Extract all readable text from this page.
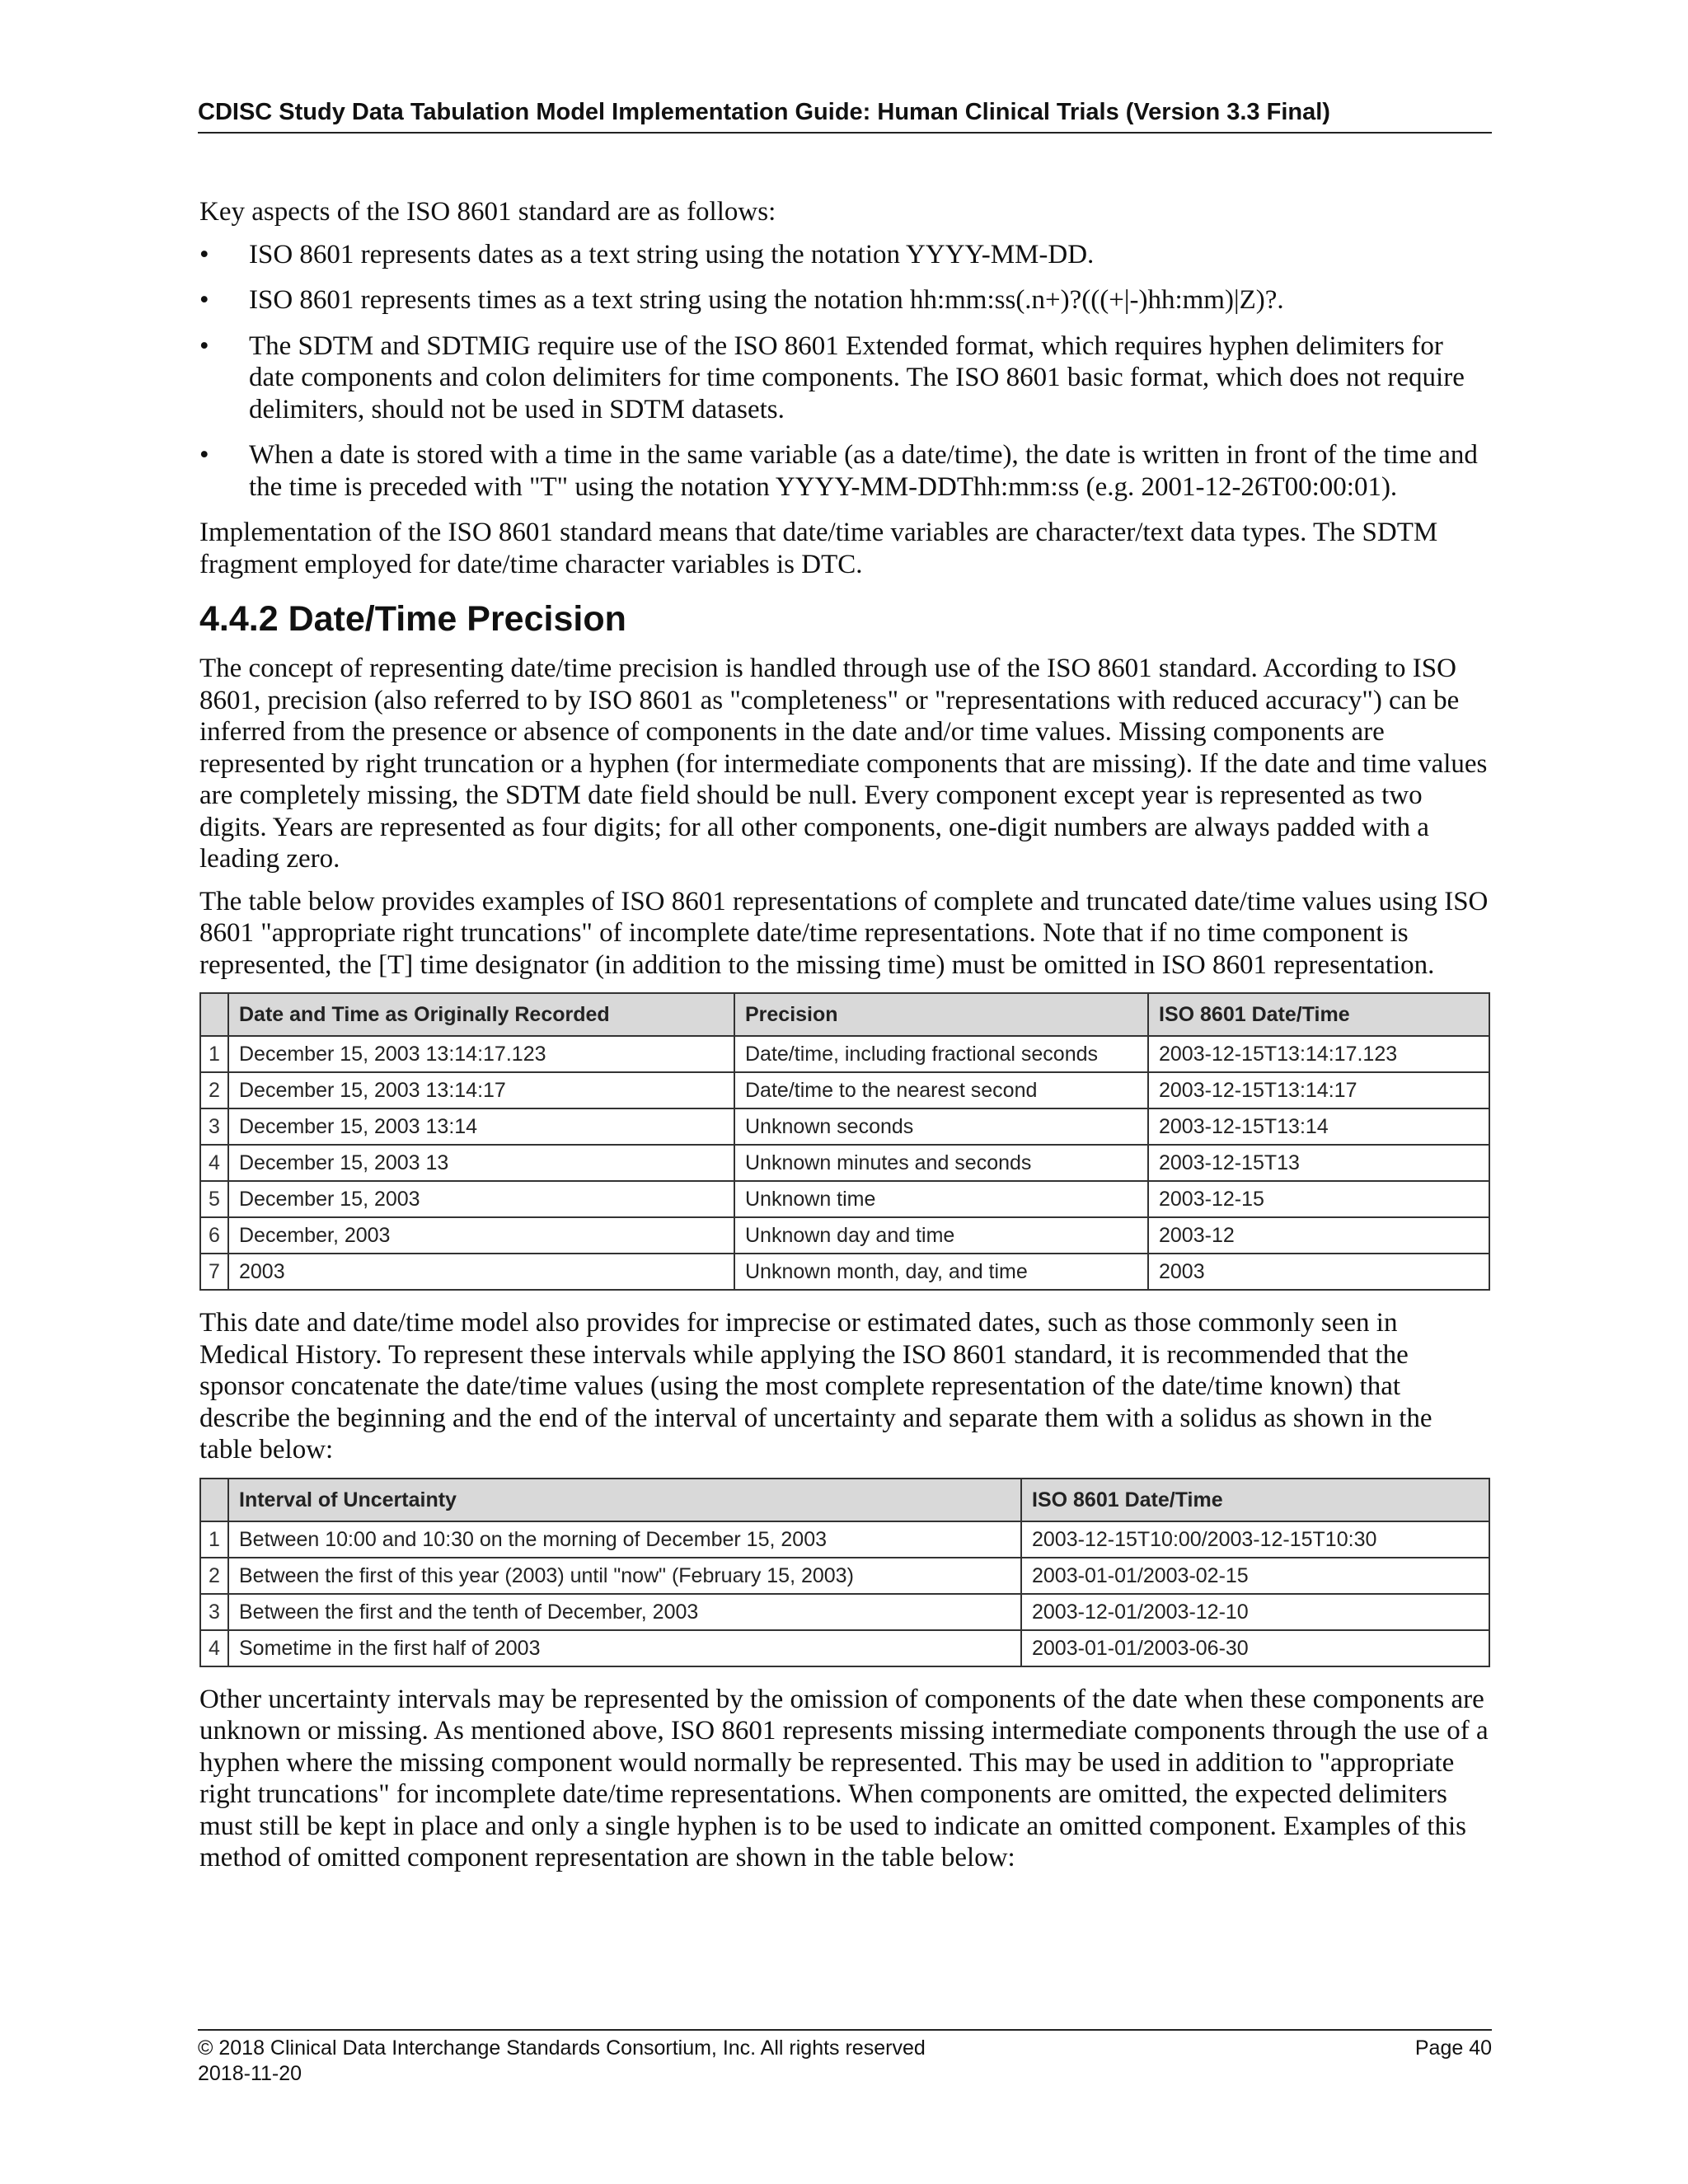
CDISC Study Data Tabulation Model Implementation Guide: Human Clinical Trials (Version 3.3 Final)

Key aspects of the ISO 8601 standard are as follows:

•	ISO 8601 represents dates as a text string using the notation YYYY-MM-DD.
•	ISO 8601 represents times as a text string using the notation hh:mm:ss(.n+)?(((+|-)hh:mm)|Z)?.
•	The SDTM and SDTMIG require use of the ISO 8601 Extended format, which requires hyphen delimiters for date components and colon delimiters for time components. The ISO 8601 basic format, which does not require delimiters, should not be used in SDTM datasets.
•	When a date is stored with a time in the same variable (as a date/time), the date is written in front of the time and the time is preceded with "T" using the notation YYYY-MM-DDThh:mm:ss (e.g. 2001-12-26T00:00:01).

Implementation of the ISO 8601 standard means that date/time variables are character/text data types. The SDTM fragment employed for date/time character variables is DTC.

4.4.2 Date/Time Precision

The concept of representing date/time precision is handled through use of the ISO 8601 standard. According to ISO 8601, precision (also referred to by ISO 8601 as "completeness" or "representations with reduced accuracy") can be inferred from the presence or absence of components in the date and/or time values. Missing components are represented by right truncation or a hyphen (for intermediate components that are missing). If the date and time values are completely missing, the SDTM date field should be null. Every component except year is represented as two digits. Years are represented as four digits; for all other components, one-digit numbers are always padded with a leading zero.

The table below provides examples of ISO 8601 representations of complete and truncated date/time values using ISO 8601 "appropriate right truncations" of incomplete date/time representations. Note that if no time component is represented, the [T] time designator (in addition to the missing time) must be omitted in ISO 8601 representation.

	Date and Time as Originally Recorded	Precision	ISO 8601 Date/Time
1	December 15, 2003 13:14:17.123	Date/time, including fractional seconds	2003-12-15T13:14:17.123
2	December 15, 2003 13:14:17	Date/time to the nearest second	2003-12-15T13:14:17
3	December 15, 2003 13:14	Unknown seconds	2003-12-15T13:14
4	December 15, 2003 13	Unknown minutes and seconds	2003-12-15T13
5	December 15, 2003	Unknown time	2003-12-15
6	December, 2003	Unknown day and time	2003-12
7	2003	Unknown month, day, and time	2003

This date and date/time model also provides for imprecise or estimated dates, such as those commonly seen in Medical History. To represent these intervals while applying the ISO 8601 standard, it is recommended that the sponsor concatenate the date/time values (using the most complete representation of the date/time known) that describe the beginning and the end of the interval of uncertainty and separate them with a solidus as shown in the table below:

	Interval of Uncertainty	ISO 8601 Date/Time
1	Between 10:00 and 10:30 on the morning of December 15, 2003	2003-12-15T10:00/2003-12-15T10:30
2	Between the first of this year (2003) until "now" (February 15, 2003)	2003-01-01/2003-02-15
3	Between the first and the tenth of December, 2003	2003-12-01/2003-12-10
4	Sometime in the first half of 2003	2003-01-01/2003-06-30

Other uncertainty intervals may be represented by the omission of components of the date when these components are unknown or missing. As mentioned above, ISO 8601 represents missing intermediate components through the use of a hyphen where the missing component would normally be represented. This may be used in addition to "appropriate right truncations" for incomplete date/time representations. When components are omitted, the expected delimiters must still be kept in place and only a single hyphen is to be used to indicate an omitted component. Examples of this method of omitted component representation are shown in the table below:

© 2018 Clinical Data Interchange Standards Consortium, Inc. All rights reserved	Page 40
2018-11-20
